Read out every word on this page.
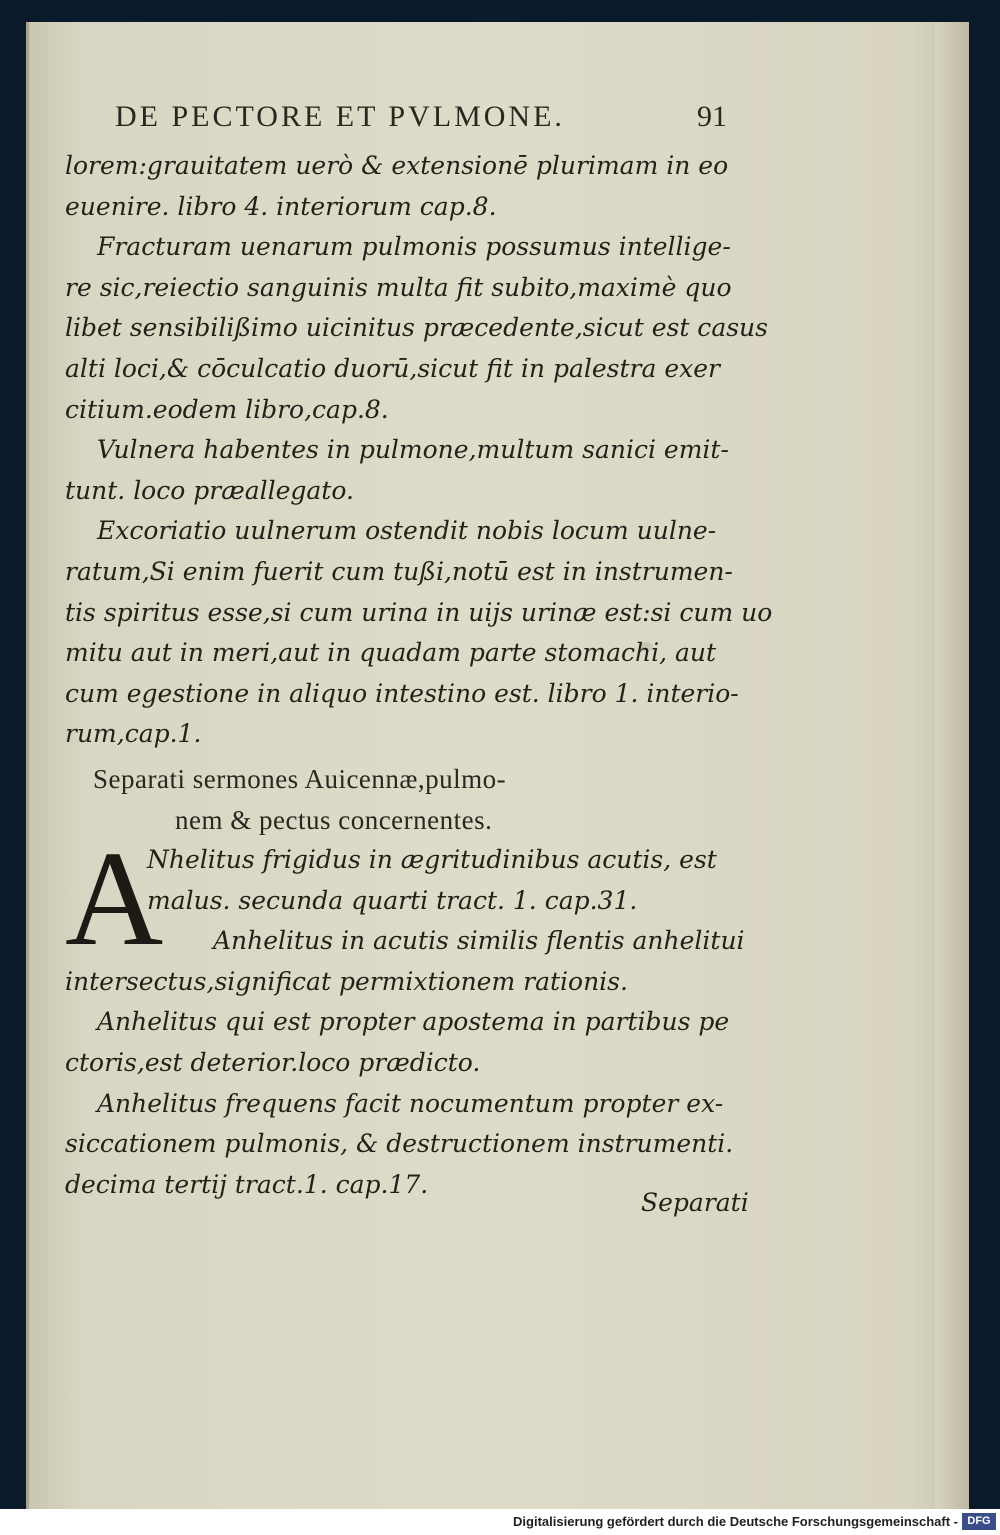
DE PECTORE ET PVLMONE.	91
lorem:grauitatem uerò & extensionē plurimam in eo
euenire. libro 4. interiorum cap.8.
Fracturam uenarum pulmonis possumus intellige-
re sic,reiectio sanguinis multa fit subito,maximè quo
libet sensibilißimo uicinitus præcedente,sicut est casus
alti loci,& cōculcatio duorū,sicut fit in palestra exer
citium.eodem libro,cap.8.
Vulnera habentes in pulmone,multum sanici emit-
tunt. loco præallegato.
Excoriatio uulnerum ostendit nobis locum uulne-
ratum,Si enim fuerit cum tußi,notū est in instrumen-
tis spiritus esse,si cum urina in uijs urinæ est:si cum uo
mitu aut in meri,aut in quadam parte stomachi, aut
cum egestione in aliquo intestino est. libro 1. interio-
rum,cap.1.
Separati sermones Auicennæ,pulmo-
nem & pectus concernentes.
A
Nhelitus frigidus in ægritudinibus acutis, est
malus. secunda quarti tract. 1. cap.31.
Anhelitus in acutis similis flentis anhelitui
intersectus,significat permixtionem rationis.
Anhelitus qui est propter apostema in partibus pe
ctoris,est deterior.loco prædicto.
Anhelitus frequens facit nocumentum propter ex-
siccationem pulmonis, & destructionem instrumenti.
decima tertij tract.1. cap.17.
Separati
Digitalisierung gefördert durch die Deutsche Forschungsgemeinschaft - DFG
